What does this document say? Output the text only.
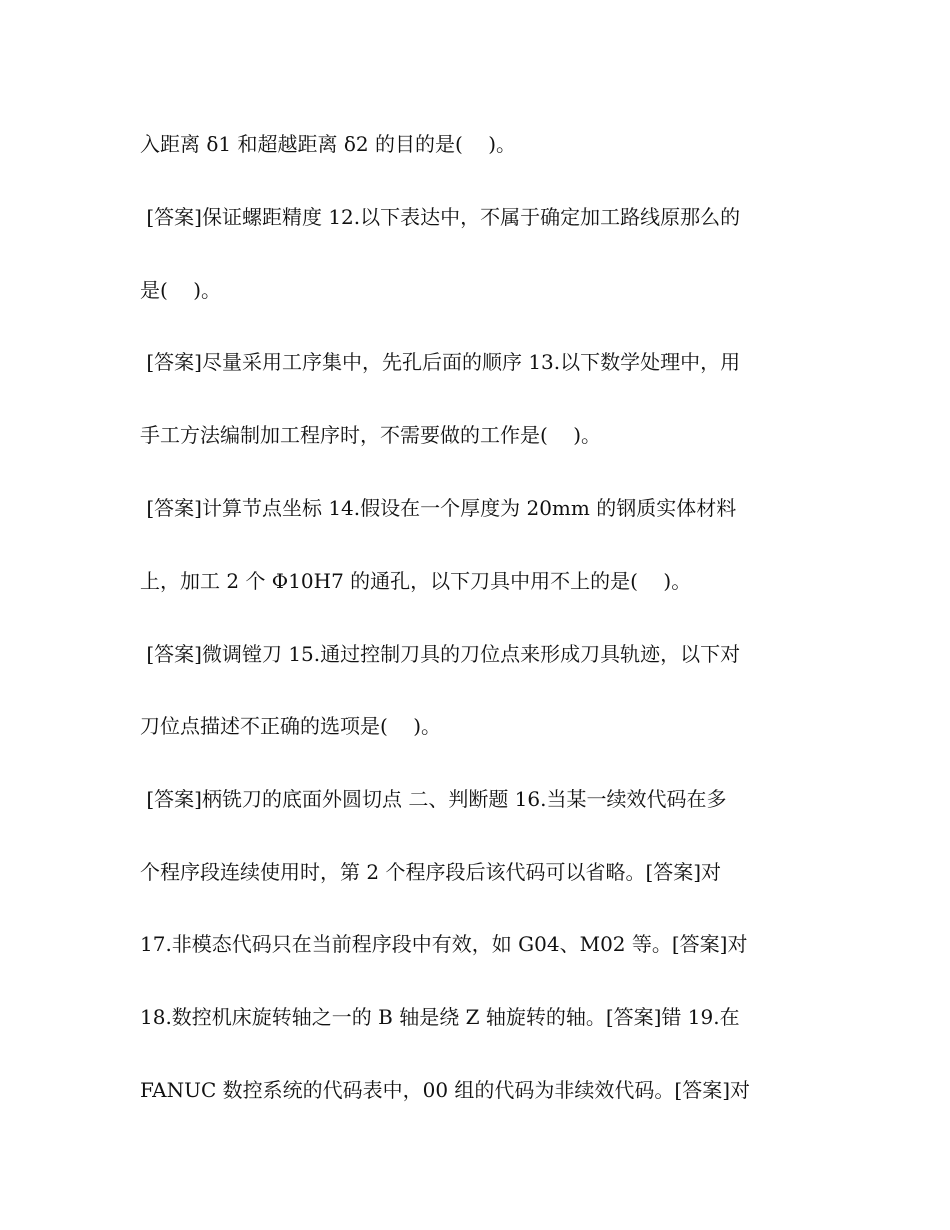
入距离 δ1 和超越距离 δ2 的目的是(    )。
[答案]保证螺距精度 12.以下表达中，不属于确定加工路线原那么的
是(    )。
[答案]尽量采用工序集中，先孔后面的顺序 13.以下数学处理中，用
手工方法编制加工程序时，不需要做的工作是(    )。
[答案]计算节点坐标 14.假设在一个厚度为 20mm 的钢质实体材料
上，加工 2 个 Φ10H7 的通孔，以下刀具中用不上的是(    )。
[答案]微调镗刀 15.通过控制刀具的刀位点来形成刀具轨迹，以下对
刀位点描述不正确的选项是(    )。
[答案]柄铣刀的底面外圆切点 二、判断题 16.当某一续效代码在多
个程序段连续使用时，第 2 个程序段后该代码可以省略。[答案]对
17.非模态代码只在当前程序段中有效，如 G04、M02 等。[答案]对
18.数控机床旋转轴之一的 B 轴是绕 Z 轴旋转的轴。[答案]错 19.在
FANUC 数控系统的代码表中，00 组的代码为非续效代码。[答案]对
